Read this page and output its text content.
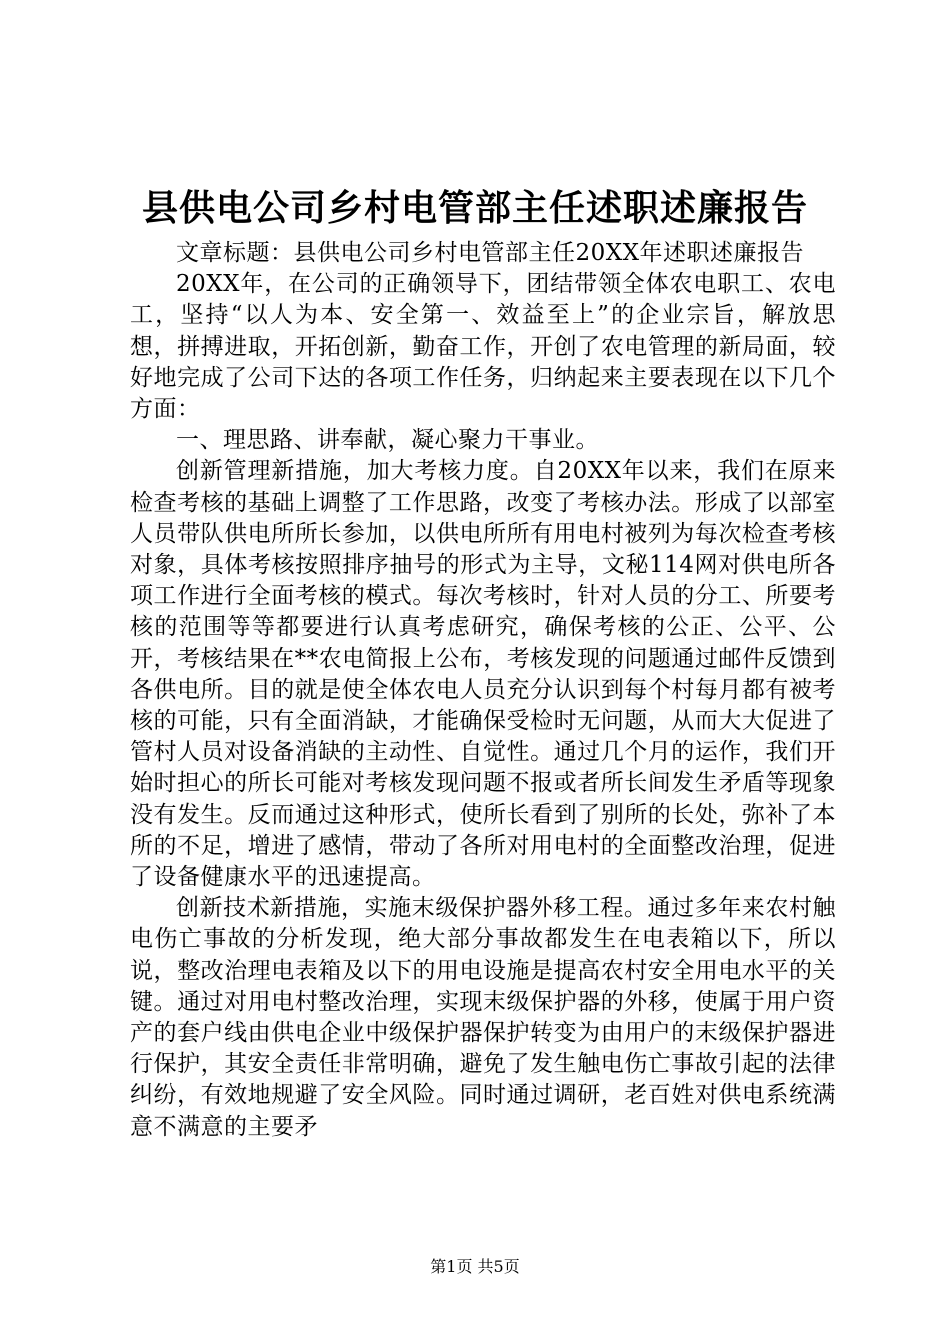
县供电公司乡村电管部主任述职述廉报告

文章标题：县供电公司乡村电管部主任20XX年述职述廉报告

20XX年，在公司的正确领导下，团结带领全体农电职工、农电工，坚持“以人为本、安全第一、效益至上”的企业宗旨，解放思想，拼搏进取，开拓创新，勤奋工作，开创了农电管理的新局面，较好地完成了公司下达的各项工作任务，归纳起来主要表现在以下几个方面：

一、理思路、讲奉献，凝心聚力干事业。

创新管理新措施，加大考核力度。自20XX年以来，我们在原来检查考核的基础上调整了工作思路，改变了考核办法。形成了以部室人员带队供电所所长参加，以供电所所有用电村被列为每次检查考核对象，具体考核按照排序抽号的形式为主导，文秘114网对供电所各项工作进行全面考核的模式。每次考核时，针对人员的分工、所要考核的范围等等都要进行认真考虑研究，确保考核的公正、公平、公开，考核结果在**农电简报上公布，考核发现的问题通过邮件反馈到各供电所。目的就是使全体农电人员充分认识到每个村每月都有被考核的可能，只有全面消缺，才能确保受检时无问题，从而大大促进了管村人员对设备消缺的主动性、自觉性。通过几个月的运作，我们开始时担心的所长可能对考核发现问题不报或者所长间发生矛盾等现象没有发生。反而通过这种形式，使所长看到了别所的长处，弥补了本所的不足，增进了感情，带动了各所对用电村的全面整改治理，促进了设备健康水平的迅速提高。

创新技术新措施，实施末级保护器外移工程。通过多年来农村触电伤亡事故的分析发现，绝大部分事故都发生在电表箱以下，所以说，整改治理电表箱及以下的用电设施是提高农村安全用电水平的关键。通过对用电村整改治理，实现末级保护器的外移，使属于用户资产的套户线由供电企业中级保护器保护转变为由用户的末级保护器进行保护，其安全责任非常明确，避免了发生触电伤亡事故引起的法律纠纷，有效地规避了安全风险。同时通过调研，老百姓对供电系统满意不满意的主要矛

第1页 共5页
